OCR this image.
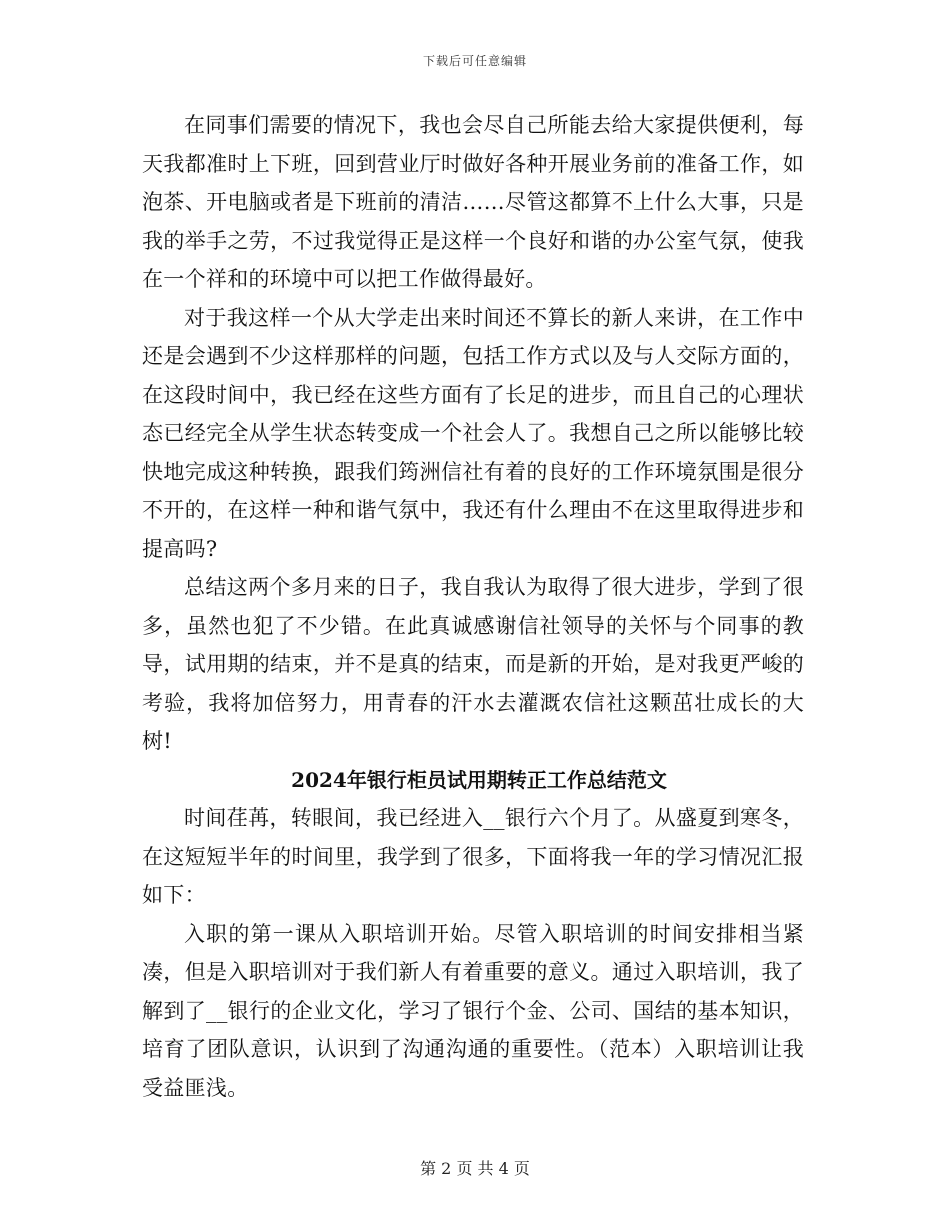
下载后可任意编辑

在同事们需要的情况下，我也会尽自己所能去给大家提供便利，每天我都准时上下班，回到营业厅时做好各种开展业务前的准备工作，如泡茶、开电脑或者是下班前的清洁……尽管这都算不上什么大事，只是我的举手之劳，不过我觉得正是这样一个良好和谐的办公室气氛，使我在一个祥和的环境中可以把工作做得最好。

对于我这样一个从大学走出来时间还不算长的新人来讲，在工作中还是会遇到不少这样那样的问题，包括工作方式以及与人交际方面的，在这段时间中，我已经在这些方面有了长足的进步，而且自己的心理状态已经完全从学生状态转变成一个社会人了。我想自己之所以能够比较快地完成这种转换，跟我们筠洲信社有着的良好的工作环境氛围是很分不开的，在这样一种和谐气氛中，我还有什么理由不在这里取得进步和提高吗?

总结这两个多月来的日子，我自我认为取得了很大进步，学到了很多，虽然也犯了不少错。在此真诚感谢信社领导的关怀与个同事的教导，试用期的结束，并不是真的结束，而是新的开始，是对我更严峻的考验，我将加倍努力，用青春的汗水去灌溉农信社这颗茁壮成长的大树!

2024年银行柜员试用期转正工作总结范文

时间荏苒，转眼间，我已经进入__银行六个月了。从盛夏到寒冬，在这短短半年的时间里，我学到了很多，下面将我一年的学习情况汇报如下：

入职的第一课从入职培训开始。尽管入职培训的时间安排相当紧凑，但是入职培训对于我们新人有着重要的意义。通过入职培训，我了解到了__银行的企业文化，学习了银行个金、公司、国结的基本知识，培育了团队意识，认识到了沟通沟通的重要性。（范本）入职培训让我受益匪浅。

第 2 页 共 4 页
